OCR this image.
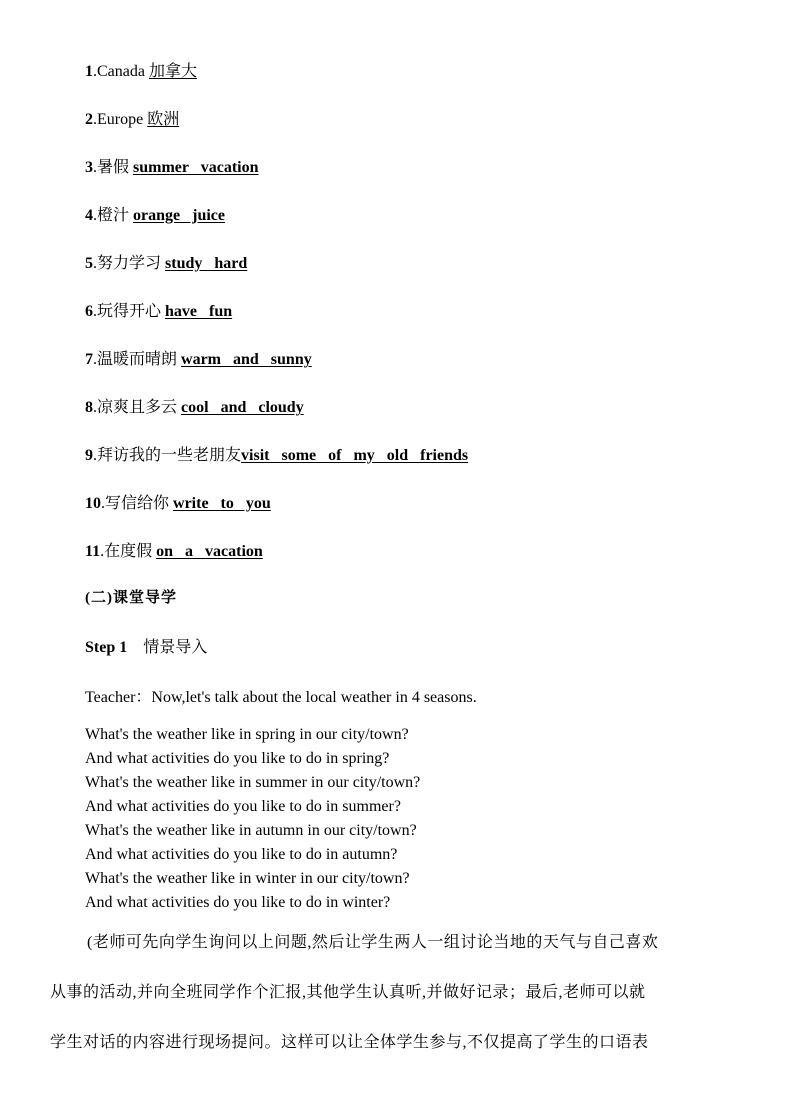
1.Canada 加拿大
2.Europe 欧洲
3.暑假 summer   vacation
4.橙汁 orange   juice
5.努力学习 study   hard
6.玩得开心 have   fun
7.温暖而晴朗 warm   and   sunny
8.凉爽且多云 cool   and   cloudy
9.拜访我的一些老朋友visit   some   of   my   old   friends
10.写信给你 write   to   you
11.在度假 on   a   vacation
(二)课堂导学
Step 1 情景导入
Teacher：Now,let's talk about the local weather in 4 seasons.
What's the weather like in spring in our city/town?
And what activities do you like to do in spring?
What's the weather like in summer in our city/town?
And what activities do you like to do in summer?
What's the weather like in autumn in our city/town?
And what activities do you like to do in autumn?
What's the weather like in winter in our city/town?
And what activities do you like to do in winter?

(老师可先向学生询问以上问题,然后让学生两人一组讨论当地的天气与自己喜欢

从事的活动,并向全班同学作个汇报,其他学生认真听,并做好记录；最后,老师可以就

学生对话的内容进行现场提问。这样可以让全体学生参与,不仅提高了学生的口语表
